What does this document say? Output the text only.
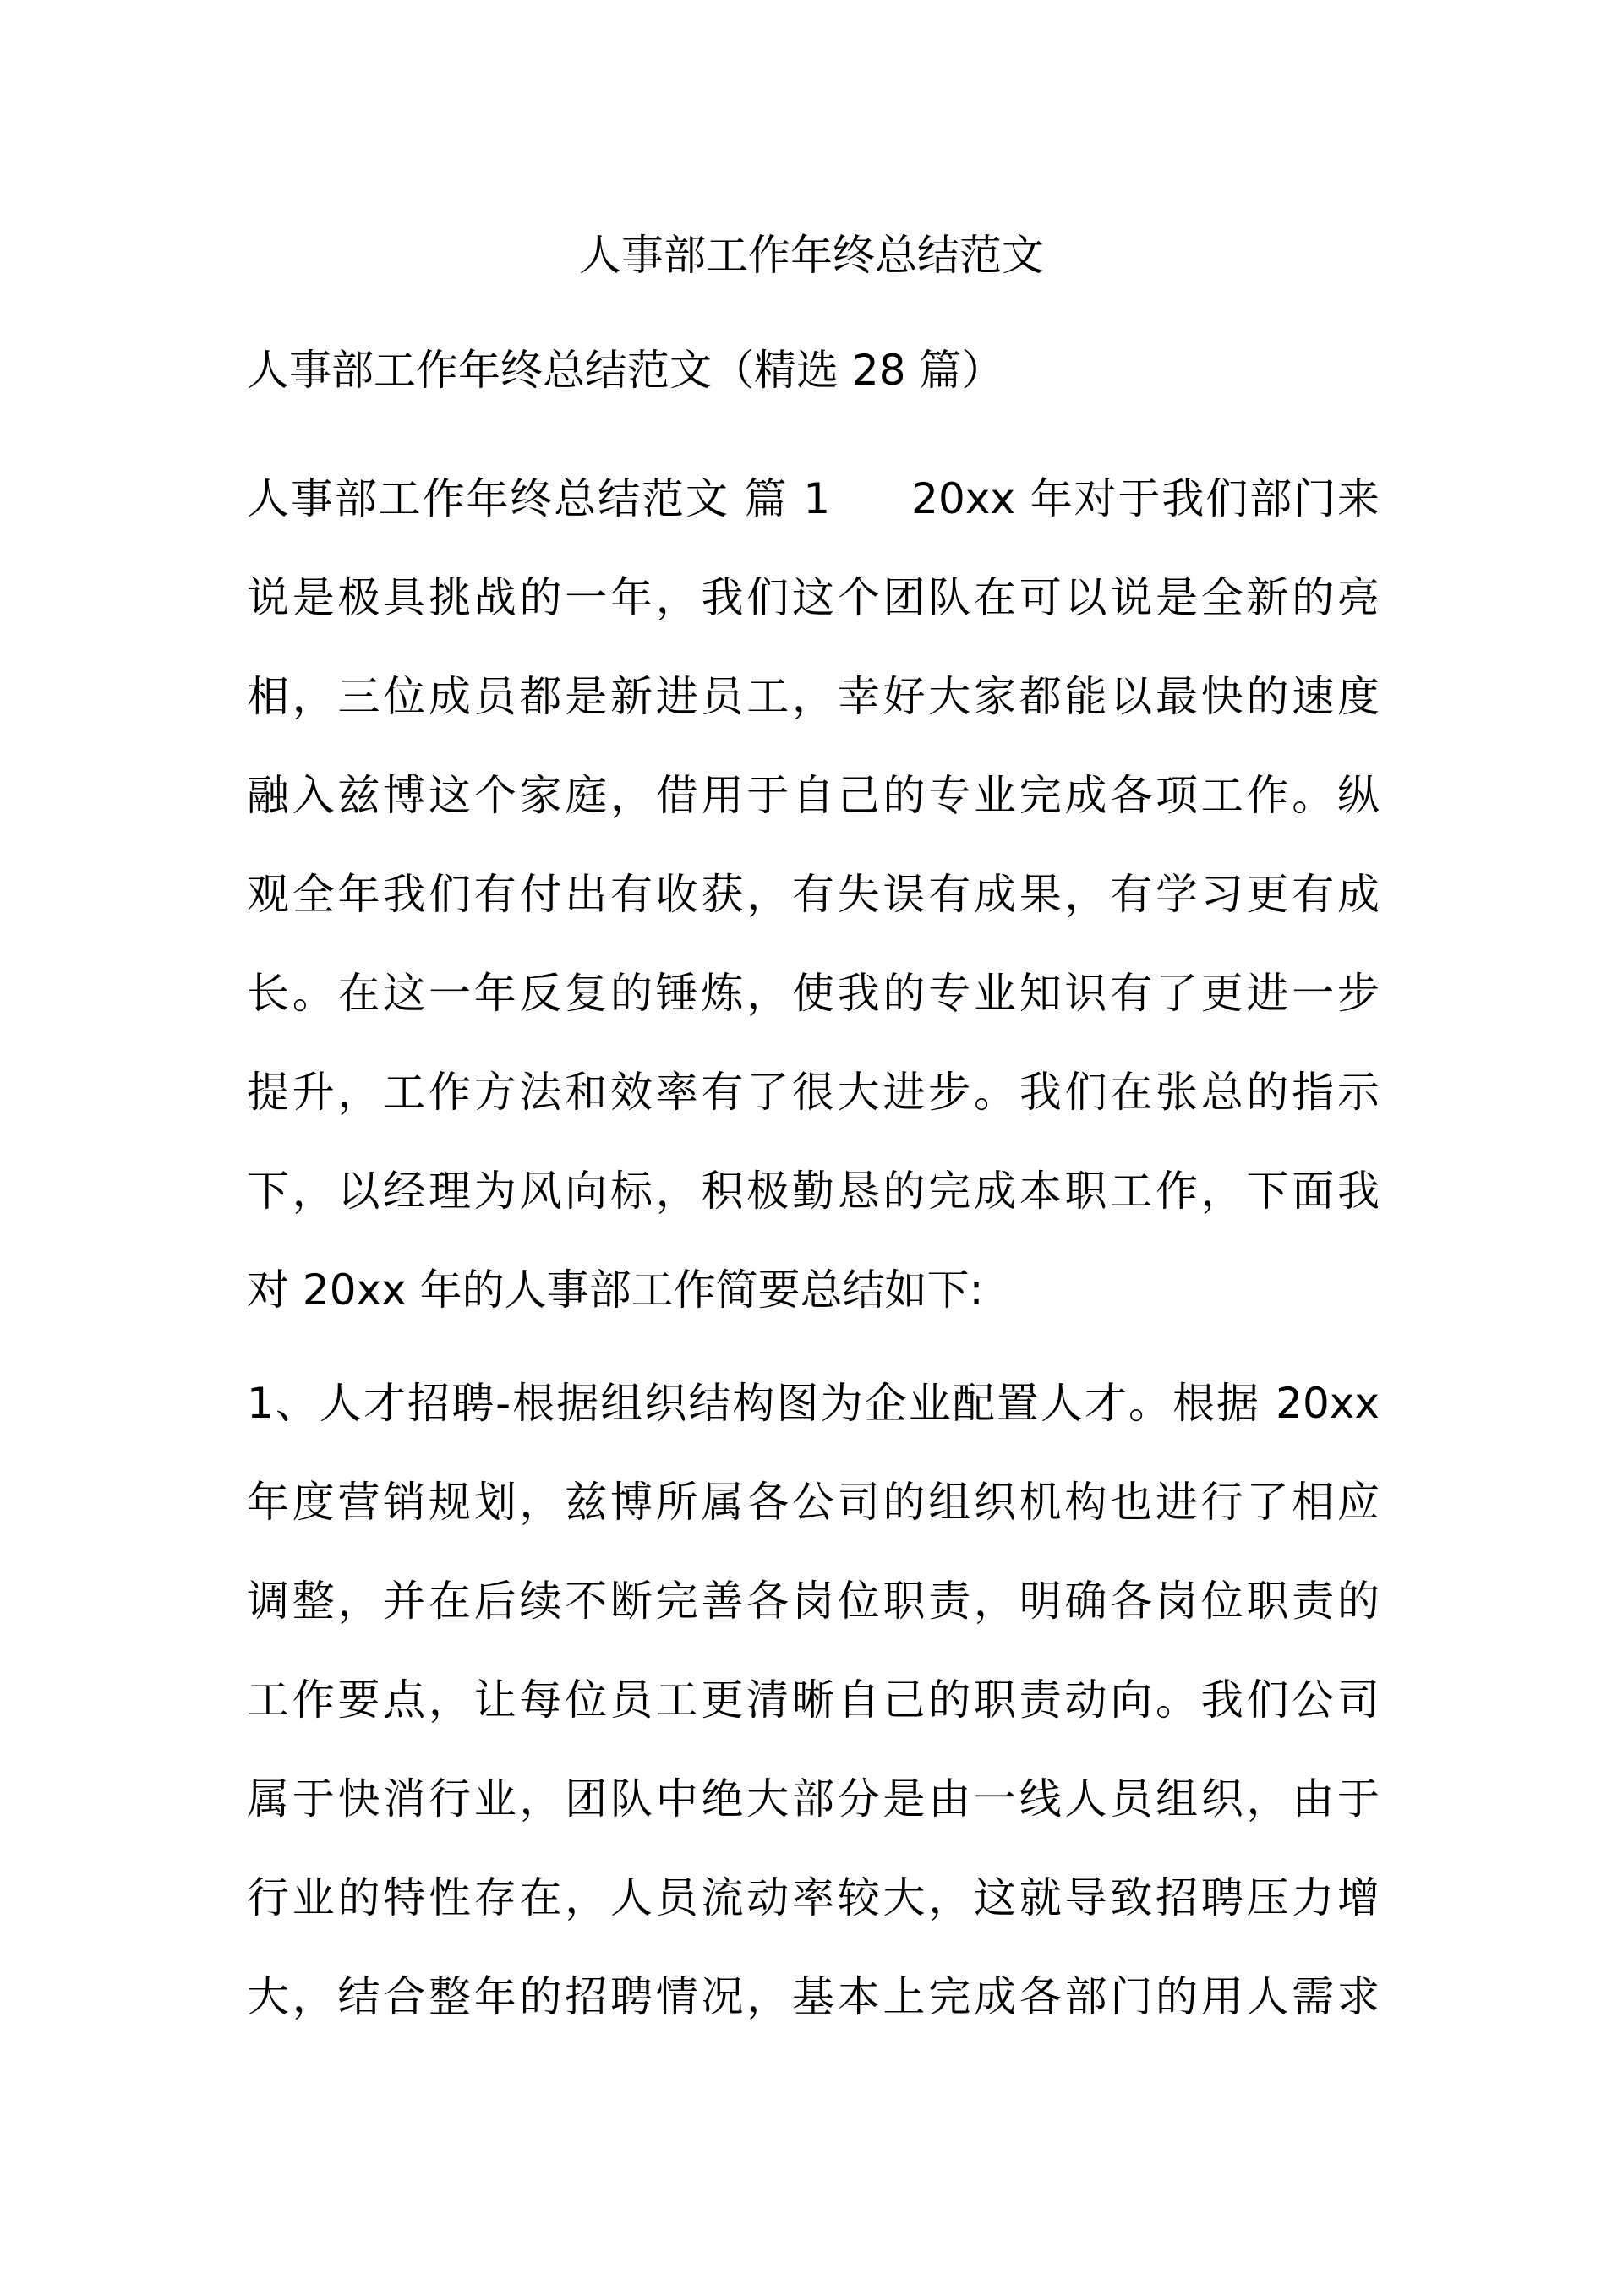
人事部工作年终总结范文
人事部工作年终总结范文（精选 28 篇）
人事部工作年终总结范文 篇 1 20xx 年对于我们部门来
说是极具挑战的一年，我们这个团队在可以说是全新的亮
相，三位成员都是新进员工，幸好大家都能以最快的速度
融入兹博这个家庭，借用于自己的专业完成各项工作。纵
观全年我们有付出有收获，有失误有成果，有学习更有成
长。在这一年反复的锤炼，使我的专业知识有了更进一步
提升，工作方法和效率有了很大进步。我们在张总的指示
下，以经理为风向标，积极勤恳的完成本职工作，下面我
对 20xx 年的人事部工作简要总结如下:
1、人才招聘-根据组织结构图为企业配置人才。根据 20xx
年度营销规划，兹博所属各公司的组织机构也进行了相应
调整，并在后续不断完善各岗位职责，明确各岗位职责的
工作要点，让每位员工更清晰自己的职责动向。我们公司
属于快消行业，团队中绝大部分是由一线人员组织，由于
行业的特性存在，人员流动率较大，这就导致招聘压力增
大，结合整年的招聘情况，基本上完成各部门的用人需求
